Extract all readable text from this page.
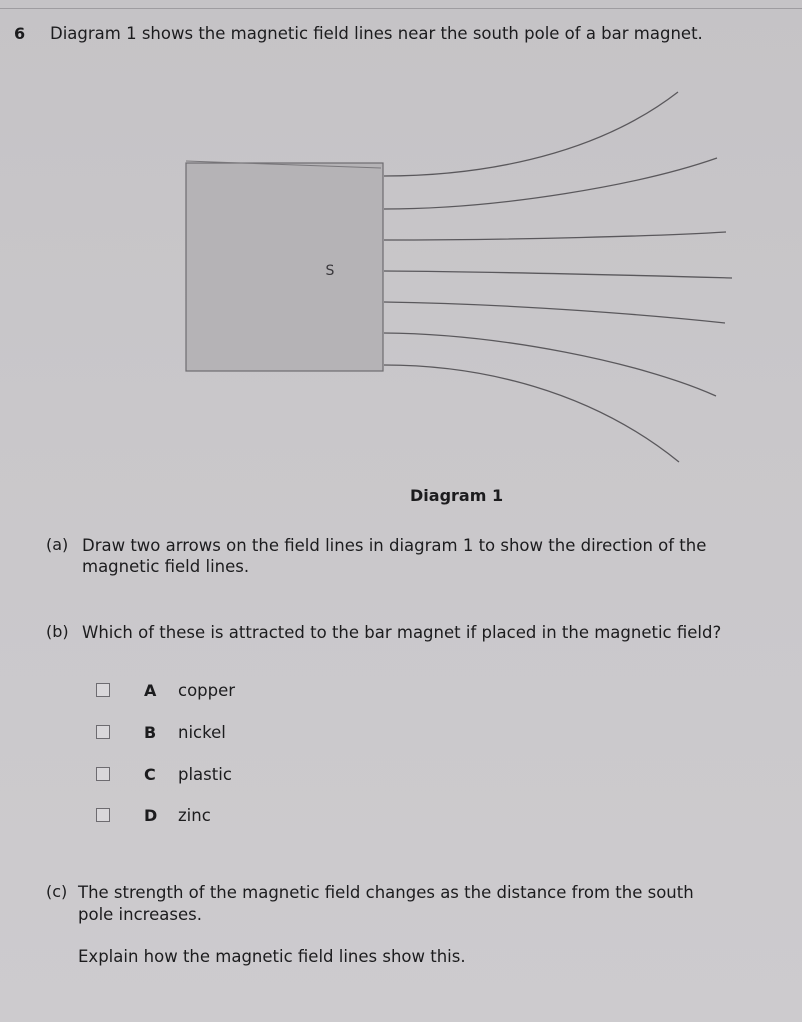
6 Diagram 1 shows the magnetic field lines near the south pole of a bar magnet.
S
Diagram 1
(a) Draw two arrows on the field lines in diagram 1 to show the direction of the
magnetic field lines.
(b) Which of these is attracted to the bar magnet if placed in the magnetic field?
A copper
B nickel
C plastic
D zinc
(c) The strength of the magnetic field changes as the distance from the south
pole increases.
Explain how the magnetic field lines show this.
